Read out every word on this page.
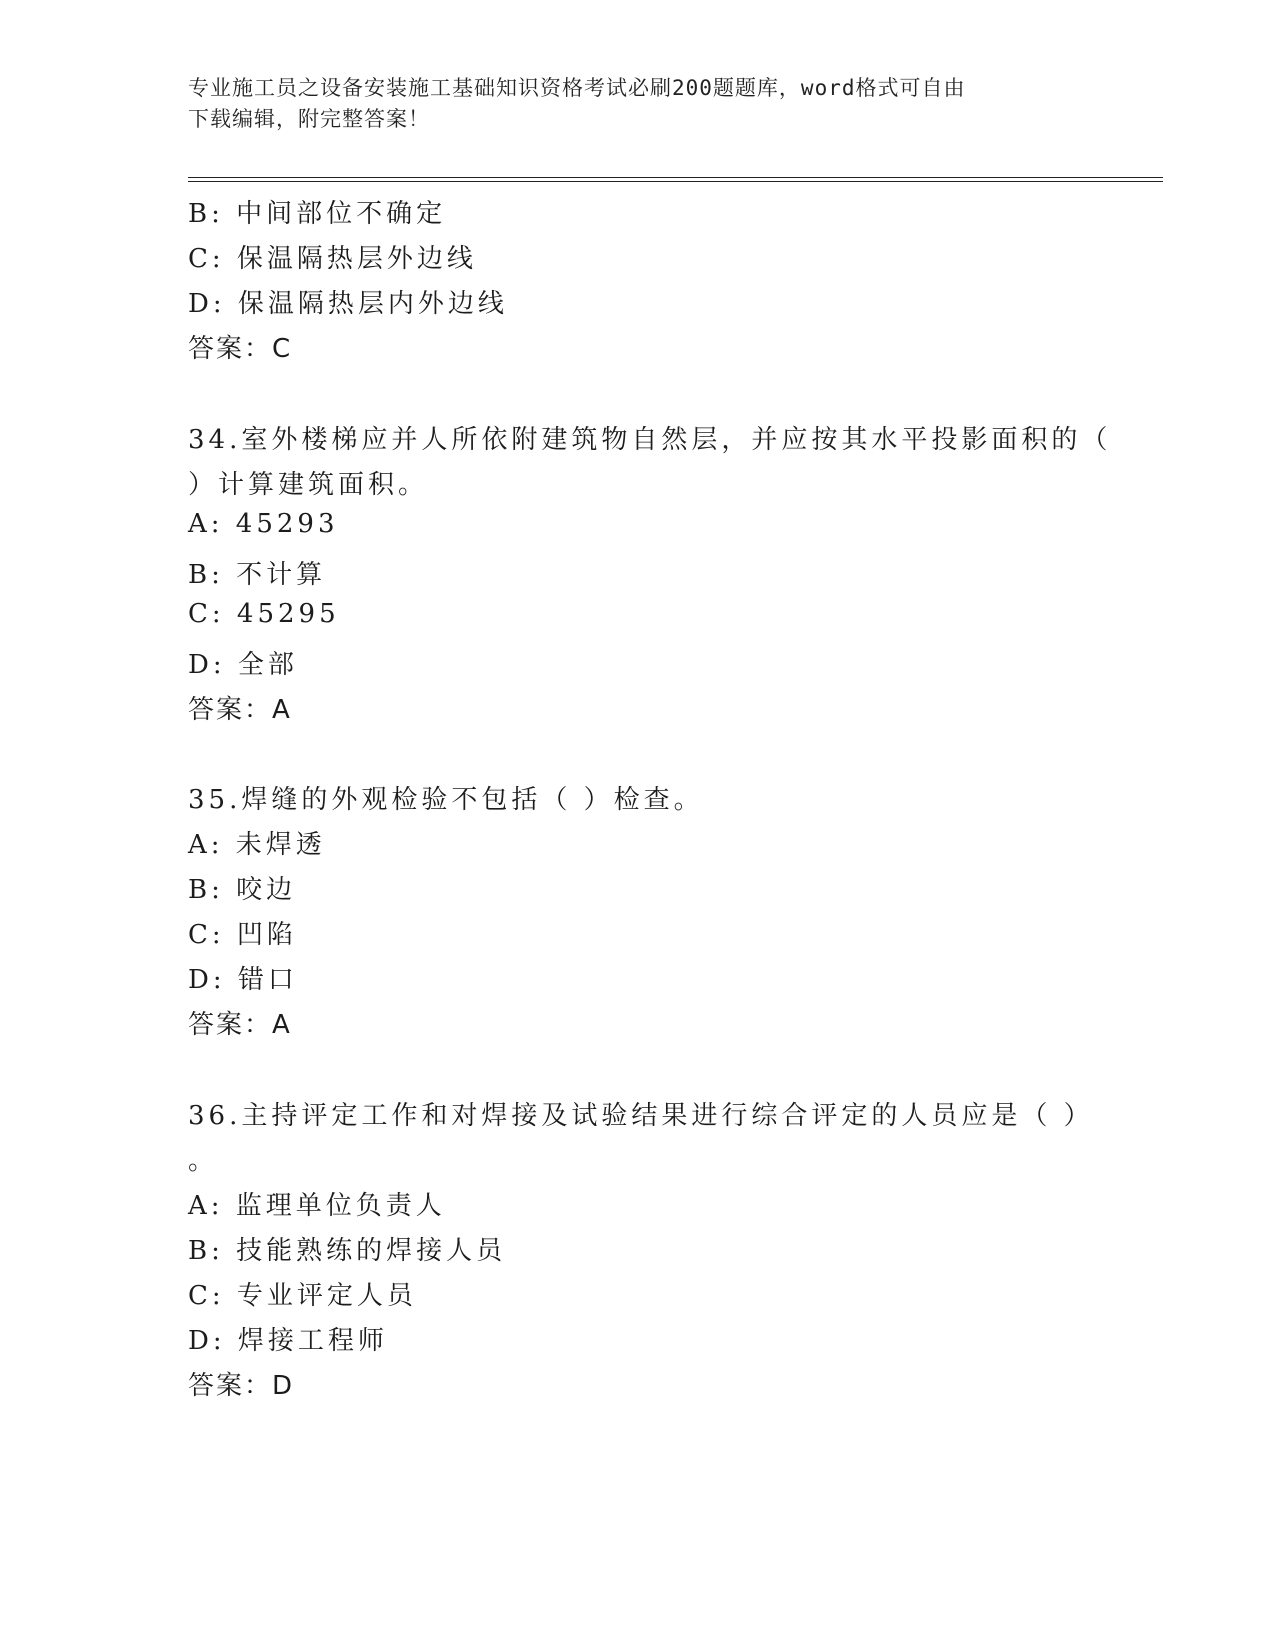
专业施工员之设备安装施工基础知识资格考试必刷200题题库，word格式可自由
下载编辑，附完整答案！
B: 中间部位不确定
C: 保温隔热层外边线
D: 保温隔热层内外边线
答案：C
34.室外楼梯应并人所依附建筑物自然层，并应按其水平投影面积的（
）计算建筑面积。
A: 45293
B: 不计算
C: 45295
D: 全部
答案：A
35.焊缝的外观检验不包括（ ）检查。
A: 未焊透
B: 咬边
C: 凹陷
D: 错口
答案：A
36.主持评定工作和对焊接及试验结果进行综合评定的人员应是（ ）
。
A: 监理单位负责人
B: 技能熟练的焊接人员
C: 专业评定人员
D: 焊接工程师
答案：D
